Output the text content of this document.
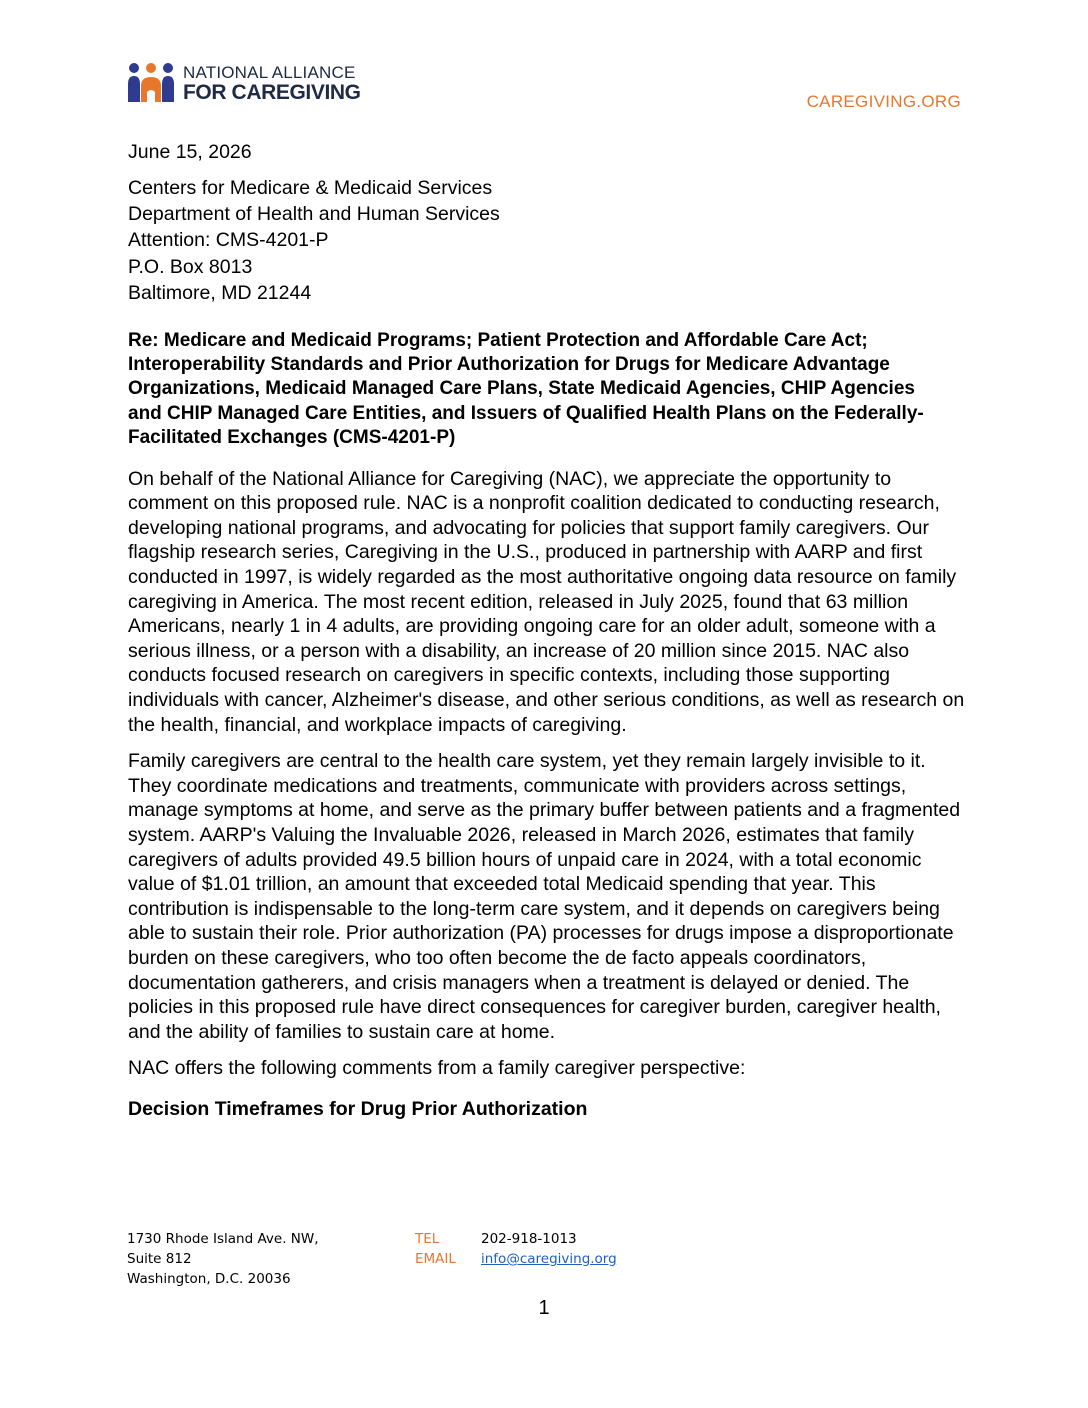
NATIONAL ALLIANCE
FOR CAREGIVING	CAREGIVING.ORG
June 15, 2026
Centers for Medicare & Medicaid Services
Department of Health and Human Services
Attention: CMS-4201-P
P.O. Box 8013
Baltimore, MD 21244
Re: Medicare and Medicaid Programs; Patient Protection and Affordable Care Act; Interoperability Standards and Prior Authorization for Drugs for Medicare Advantage Organizations, Medicaid Managed Care Plans, State Medicaid Agencies, CHIP Agencies and CHIP Managed Care Entities, and Issuers of Qualified Health Plans on the Federally-Facilitated Exchanges (CMS-4201-P)

On behalf of the National Alliance for Caregiving (NAC), we appreciate the opportunity to comment on this proposed rule. NAC is a nonprofit coalition dedicated to conducting research, developing national programs, and advocating for policies that support family caregivers. Our flagship research series, Caregiving in the U.S., produced in partnership with AARP and first conducted in 1997, is widely regarded as the most authoritative ongoing data resource on family caregiving in America. The most recent edition, released in July 2025, found that 63 million Americans, nearly 1 in 4 adults, are providing ongoing care for an older adult, someone with a serious illness, or a person with a disability, an increase of 20 million since 2015. NAC also conducts focused research on caregivers in specific contexts, including those supporting individuals with cancer, Alzheimer's disease, and other serious conditions, as well as research on the health, financial, and workplace impacts of caregiving.

Family caregivers are central to the health care system, yet they remain largely invisible to it. They coordinate medications and treatments, communicate with providers across settings, manage symptoms at home, and serve as the primary buffer between patients and a fragmented system. AARP's Valuing the Invaluable 2026, released in March 2026, estimates that family caregivers of adults provided 49.5 billion hours of unpaid care in 2024, with a total economic value of $1.01 trillion, an amount that exceeded total Medicaid spending that year. This contribution is indispensable to the long-term care system, and it depends on caregivers being able to sustain their role. Prior authorization (PA) processes for drugs impose a disproportionate burden on these caregivers, who too often become the de facto appeals coordinators, documentation gatherers, and crisis managers when a treatment is delayed or denied. The policies in this proposed rule have direct consequences for caregiver burden, caregiver health, and the ability of families to sustain care at home.

NAC offers the following comments from a family caregiver perspective:

Decision Timeframes for Drug Prior Authorization

1730 Rhode Island Ave. NW,
Suite 812
Washington, D.C. 20036
TEL	202-918-1013
EMAIL	info@caregiving.org
1
